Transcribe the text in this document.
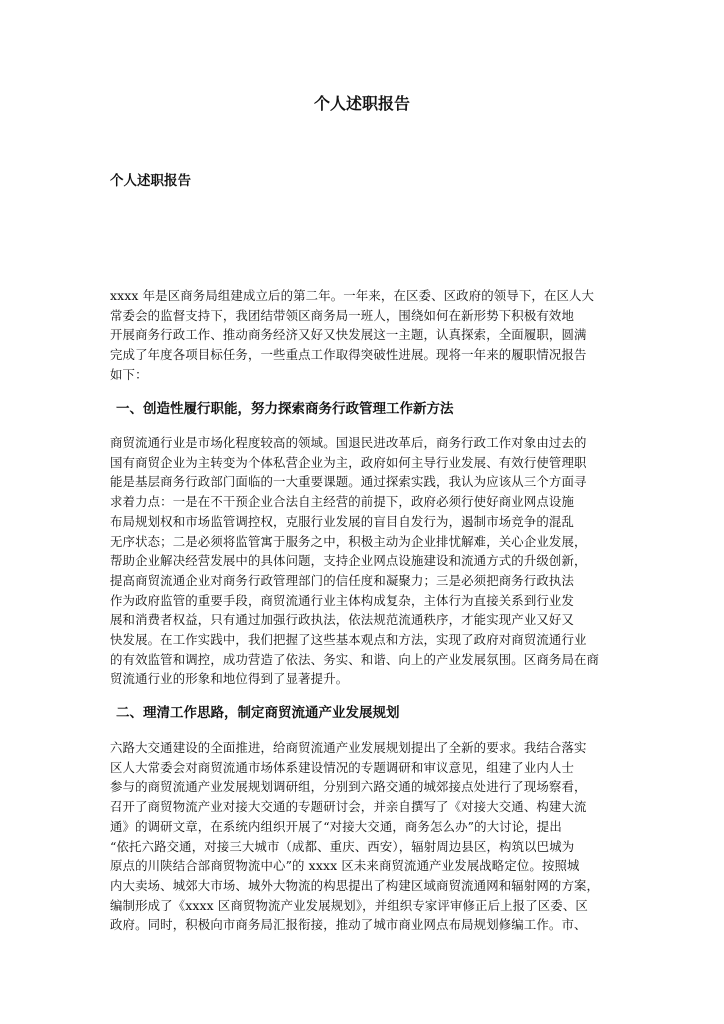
个人述职报告
个人述职报告
xxxx 年是区商务局组建成立后的第二年。一年来，在区委、区政府的领导下，在区人大
常委会的监督支持下，我团结带领区商务局一班人，围绕如何在新形势下积极有效地
开展商务行政工作、推动商务经济又好又快发展这一主题，认真探索，全面履职，圆满
完成了年度各项目标任务，一些重点工作取得突破性进展。现将一年来的履职情况报告
如下：
一、创造性履行职能，努力探索商务行政管理工作新方法
商贸流通行业是市场化程度较高的领域。国退民进改革后，商务行政工作对象由过去的
国有商贸企业为主转变为个体私营企业为主，政府如何主导行业发展、有效行使管理职
能是基层商务行政部门面临的一大重要课题。通过探索实践，我认为应该从三个方面寻
求着力点：一是在不干预企业合法自主经营的前提下，政府必须行使好商业网点设施
布局规划权和市场监管调控权，克服行业发展的盲目自发行为，遏制市场竞争的混乱
无序状态；二是必须将监管寓于服务之中，积极主动为企业排忧解难，关心企业发展，
帮助企业解决经营发展中的具体问题，支持企业网点设施建设和流通方式的升级创新，
提高商贸流通企业对商务行政管理部门的信任度和凝聚力；三是必须把商务行政执法
作为政府监管的重要手段，商贸流通行业主体构成复杂，主体行为直接关系到行业发
展和消费者权益，只有通过加强行政执法，依法规范流通秩序，才能实现产业又好又
快发展。在工作实践中，我们把握了这些基本观点和方法，实现了政府对商贸流通行业
的有效监管和调控，成功营造了依法、务实、和谐、向上的产业发展氛围。区商务局在商
贸流通行业的形象和地位得到了显著提升。
二、理清工作思路，制定商贸流通产业发展规划
六路大交通建设的全面推进，给商贸流通产业发展规划提出了全新的要求。我结合落实
区人大常委会对商贸流通市场体系建设情况的专题调研和审议意见，组建了业内人士
参与的商贸流通产业发展规划调研组，分别到六路交通的城郊接点处进行了现场察看，
召开了商贸物流产业对接大交通的专题研讨会，并亲自撰写了《对接大交通、构建大流
通》的调研文章，在系统内组织开展了“对接大交通，商务怎么办”的大讨论，提出
“依托六路交通，对接三大城市（成都、重庆、西安），辐射周边县区，构筑以巴城为
原点的川陕结合部商贸物流中心”的 xxxx 区未来商贸流通产业发展战略定位。按照城
内大卖场、城郊大市场、城外大物流的构思提出了构建区域商贸流通网和辐射网的方案，
编制形成了《xxxx 区商贸物流产业发展规划》，并组织专家评审修正后上报了区委、区
政府。同时，积极向市商务局汇报衔接，推动了城市商业网点布局规划修编工作。市、
